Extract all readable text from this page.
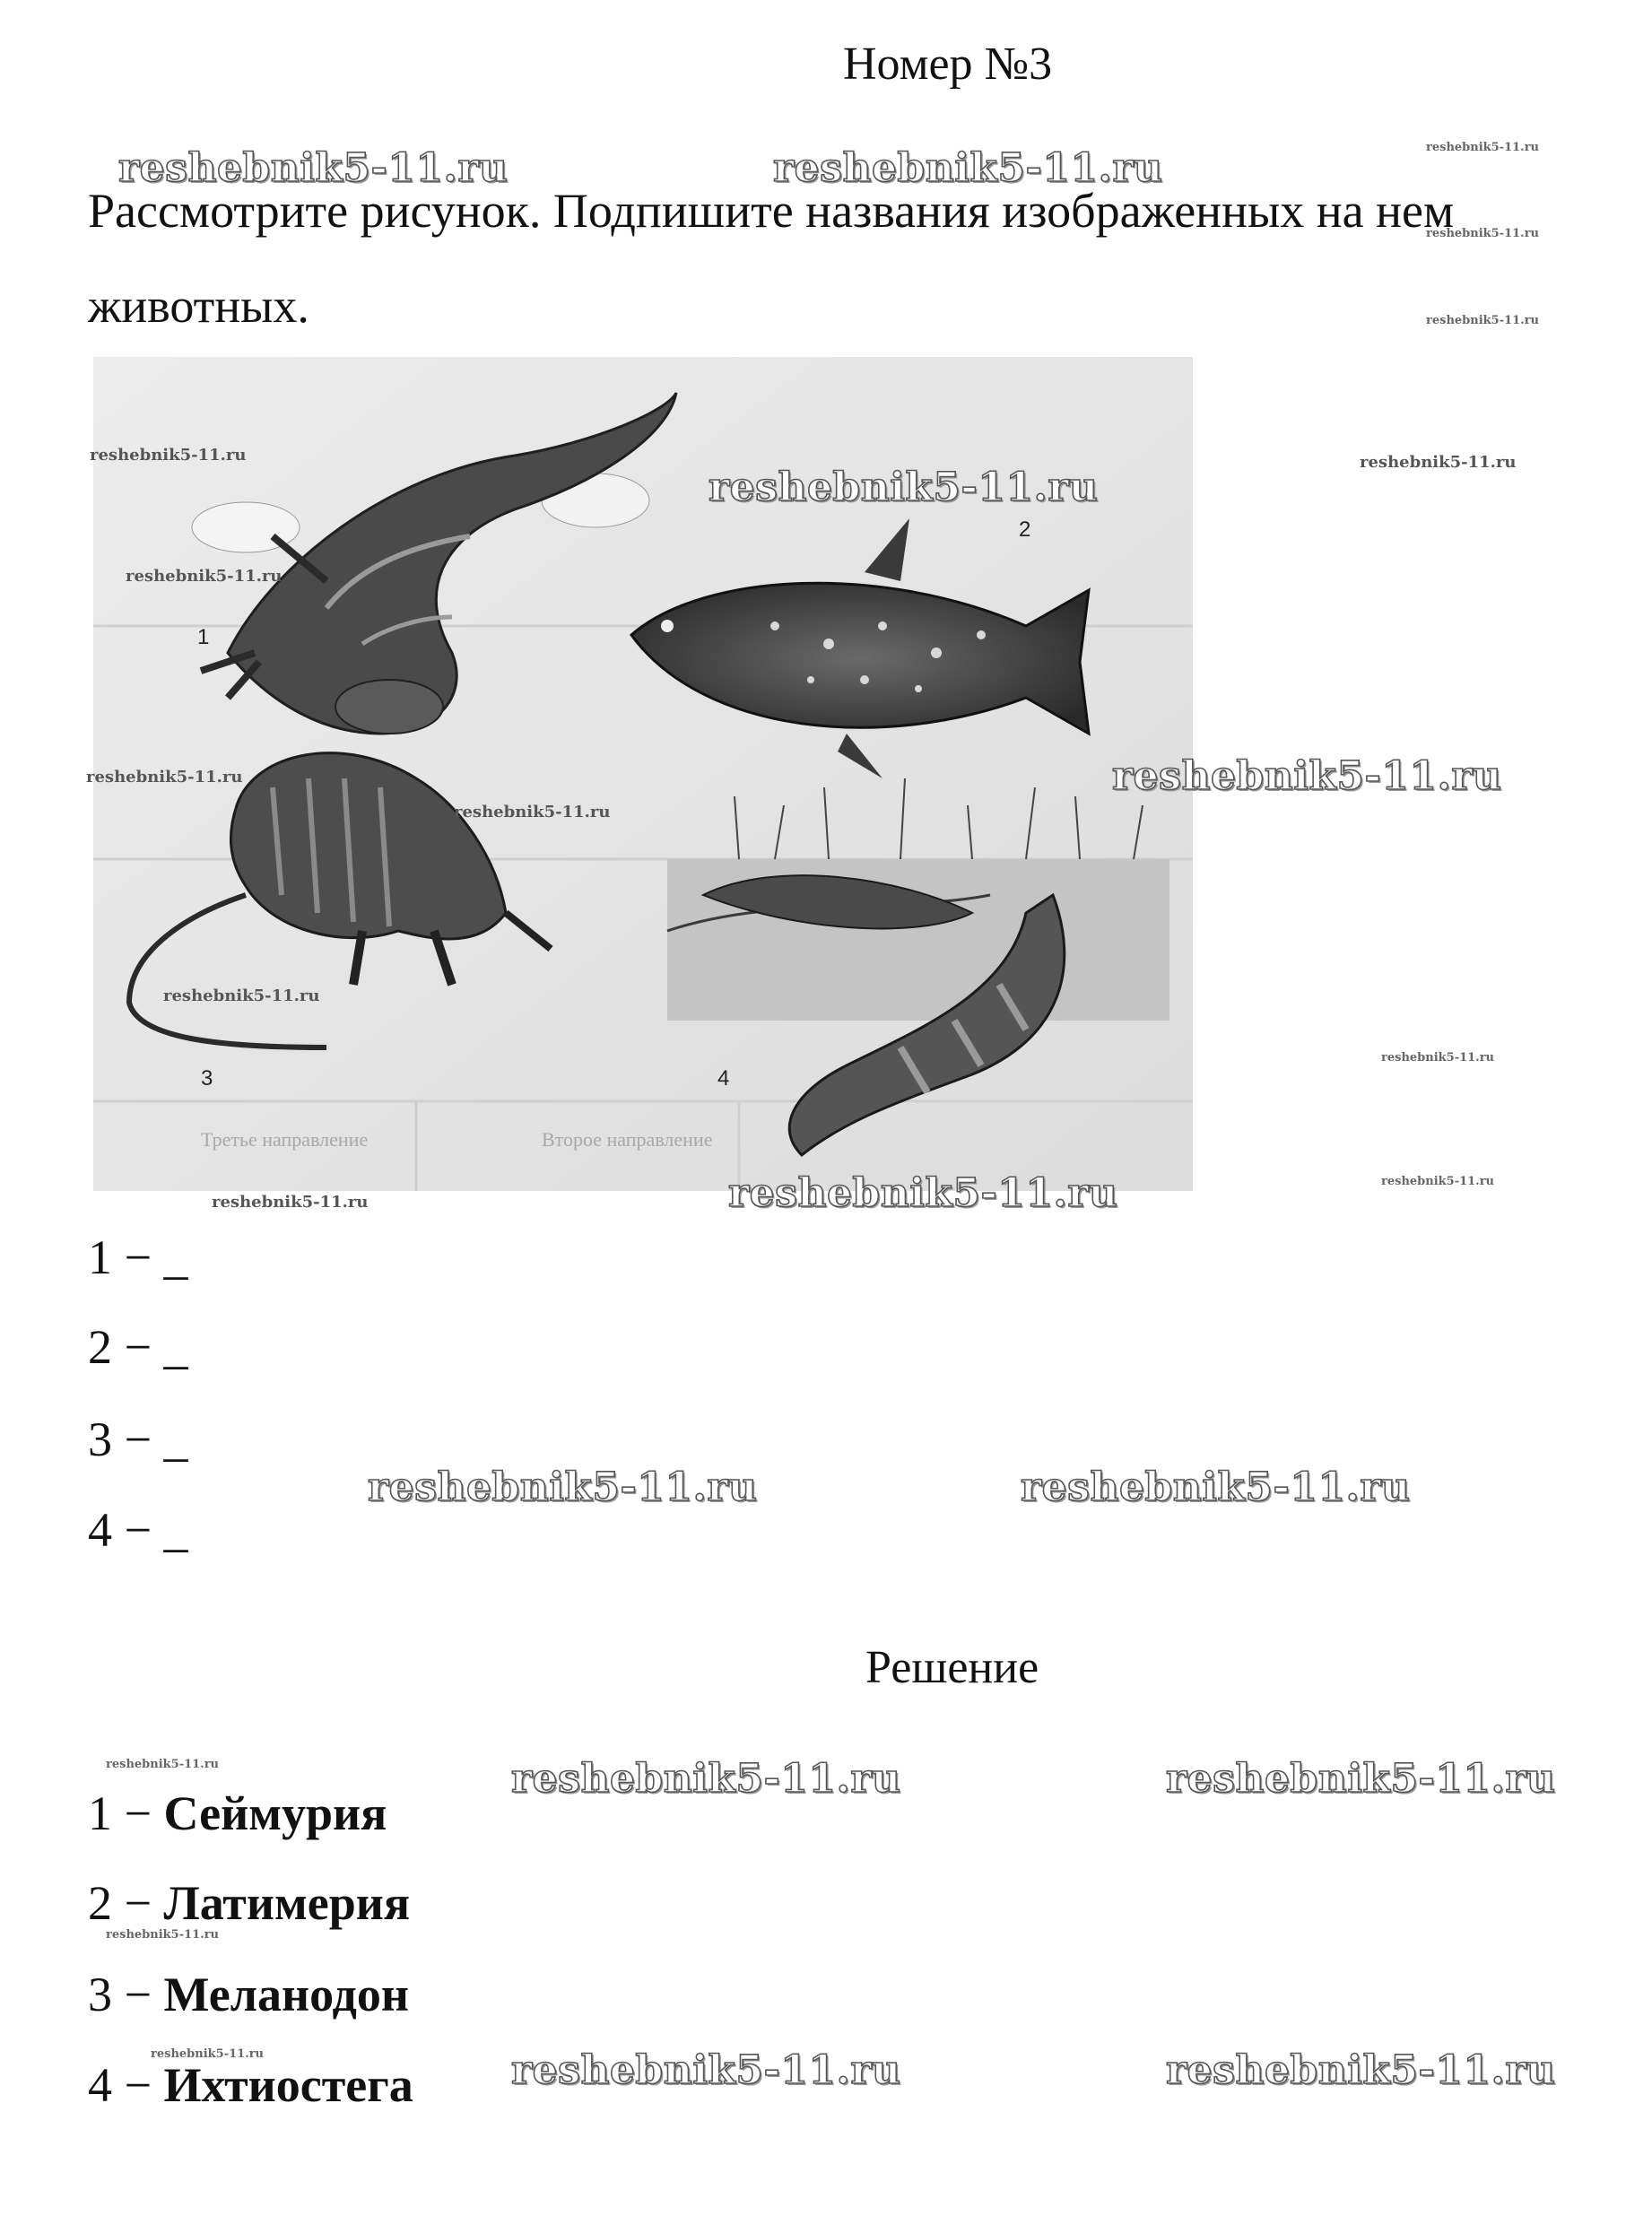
Номер №3
Рассмотрите рисунок. Подпишите названия изображенных на нем
животных.
Третье направление	Второе направление
1
2
3	4
1 − _
2 − _
3 − _
4 − _
Решение
1 − Сеймурия
2 − Латимерия
3 − Меланодон
4 − Ихтиостега
reshebnik5-11.ru	reshebnik5-11.ru
reshebnik5-11.ru
reshebnik5-11.ru
reshebnik5-11.ru
reshebnik5-11.ru	reshebnik5-11.ru
reshebnik5-11.ru	reshebnik5-11.ru
reshebnik5-11.ru	reshebnik5-11.ru
reshebnik5-11.ru	reshebnik5-11.ru
reshebnik5-11.ru
reshebnik5-11.ru
reshebnik5-11.ru
reshebnik5-11.ru
reshebnik5-11.ru
reshebnik5-11.ru
reshebnik5-11.ru
reshebnik5-11.ru
reshebnik5-11.ru
reshebnik5-11.ru
reshebnik5-11.ru
reshebnik5-11.ru
reshebnik5-11.ru
